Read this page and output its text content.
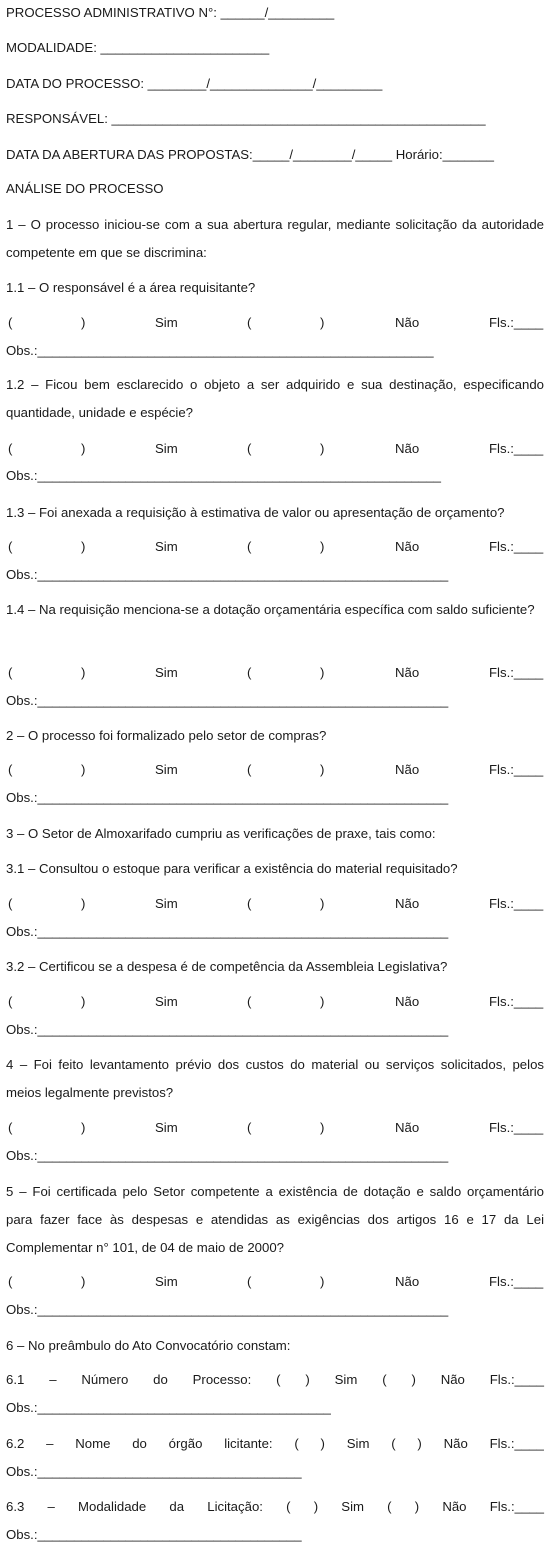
PROCESSO ADMINISTRATIVO N°: ______/_________
MODALIDADE: _______________________
DATA DO PROCESSO: ________/______________/_________
RESPONSÁVEL: ___________________________________________________
DATA DA ABERTURA DAS PROPOSTAS:_____/________/_____ Horário:_______
ANÁLISE DO PROCESSO
1 – O processo iniciou-se com a sua abertura regular, mediante solicitação da autoridade competente em que se discrimina:
1.1 – O responsável é a área requisitante?
(	)	Sim	(	)	Não	Fls.:____
Obs.:______________________________________________________
1.2 – Ficou bem esclarecido o objeto a ser adquirido e sua destinação, especificando quantidade, unidade e espécie?
(	)	Sim	(	)	Não	Fls.:____
Obs.:_______________________________________________________
1.3 – Foi anexada a requisição à estimativa de valor ou apresentação de orçamento?
(	)	Sim	(	)	Não	Fls.:____
Obs.:________________________________________________________
1.4 – Na requisição menciona-se a dotação orçamentária específica com saldo suficiente?
(	)	Sim	(	)	Não	Fls.:____
Obs.:________________________________________________________
2 – O processo foi formalizado pelo setor de compras?
(	)	Sim	(	)	Não	Fls.:____
Obs.:________________________________________________________
3 – O Setor de Almoxarifado cumpriu as verificações de praxe, tais como:
3.1 – Consultou o estoque para verificar a existência do material requisitado?
(	)	Sim	(	)	Não	Fls.:____
Obs.:________________________________________________________
3.2 – Certificou se a despesa é de competência da Assembleia Legislativa?
(	)	Sim	(	)	Não	Fls.:____
Obs.:________________________________________________________
4 – Foi feito levantamento prévio dos custos do material ou serviços solicitados, pelos meios legalmente previstos?
(	)	Sim	(	)	Não	Fls.:____
Obs.:________________________________________________________
5 – Foi certificada pelo Setor competente a existência de dotação e saldo orçamentário para fazer face às despesas e atendidas as exigências dos artigos 16 e 17 da Lei Complementar n° 101, de 04 de maio de 2000?
(	)	Sim	(	)	Não	Fls.:____
Obs.:________________________________________________________
6 – No preâmbulo do Ato Convocatório constam:
6.1 – Número do Processo: ( ) Sim ( ) Não Fls.:____
Obs.:________________________________________
6.2 – Nome do órgão licitante: ( ) Sim ( ) Não Fls.:____
Obs.:____________________________________
6.3 – Modalidade da Licitação: ( ) Sim ( ) Não Fls.:____
Obs.:____________________________________
